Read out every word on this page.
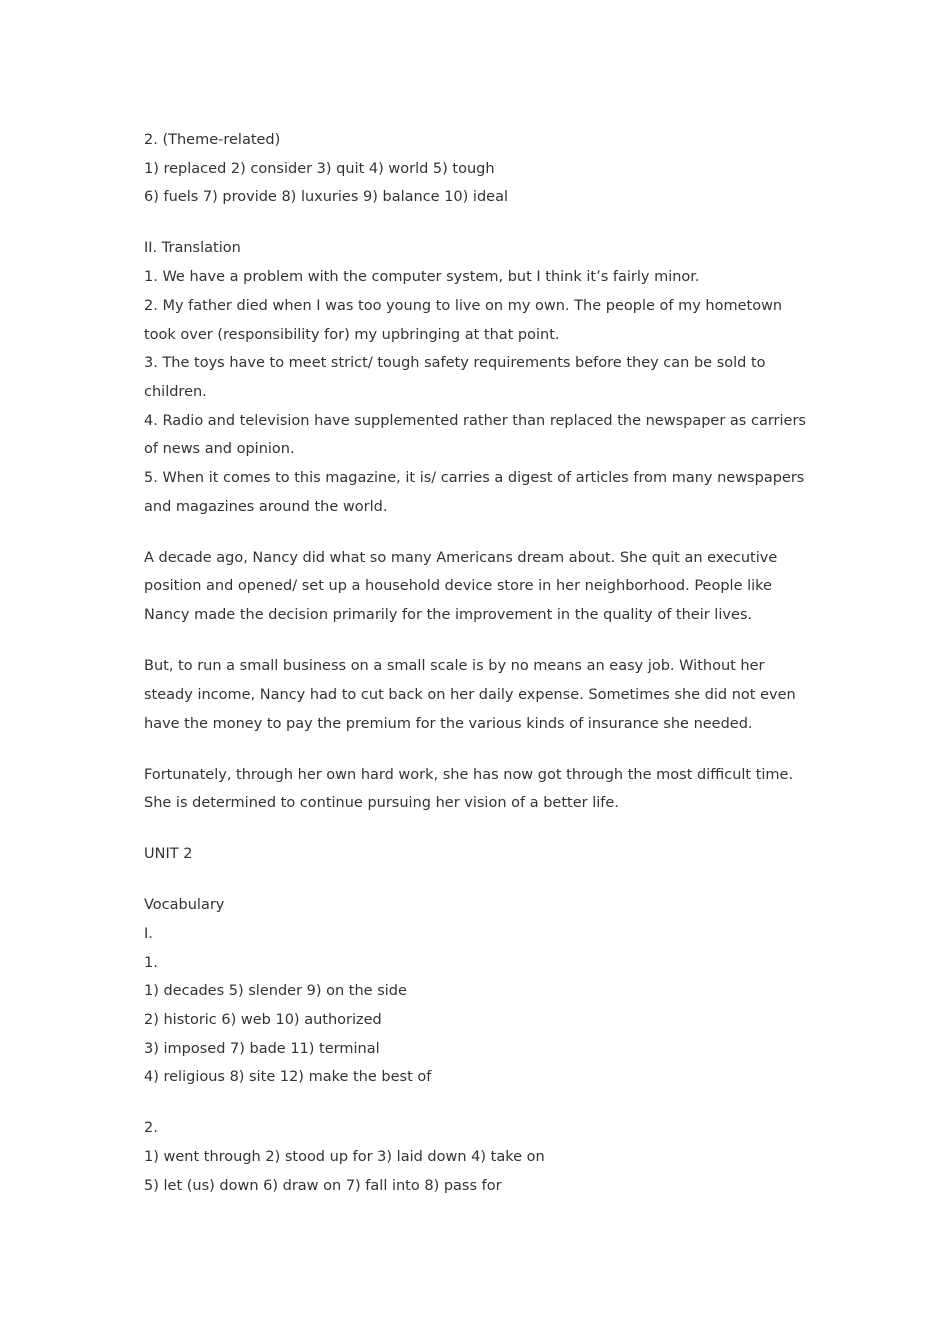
2. (Theme-related)
1) replaced 2) consider 3) quit 4) world 5) tough
6) fuels 7) provide 8) luxuries 9) balance 10) ideal
II. Translation
1. We have a problem with the computer system, but I think it’s fairly minor.
2. My father died when I was too young to live on my own. The people of my hometown
took over (responsibility for) my upbringing at that point.
3. The toys have to meet strict/ tough safety requirements before they can be sold to
children.
4. Radio and television have supplemented rather than replaced the newspaper as carriers
of news and opinion.
5. When it comes to this magazine, it is/ carries a digest of articles from many newspapers
and magazines around the world.
A decade ago, Nancy did what so many Americans dream about. She quit an executive
position and opened/ set up a household device store in her neighborhood. People like
Nancy made the decision primarily for the improvement in the quality of their lives.
But, to run a small business on a small scale is by no means an easy job. Without her
steady income, Nancy had to cut back on her daily expense. Sometimes she did not even
have the money to pay the premium for the various kinds of insurance she needed.
Fortunately, through her own hard work, she has now got through the most difficult time.
She is determined to continue pursuing her vision of a better life.
UNIT 2
Vocabulary
I.
1.
1) decades 5) slender 9) on the side
2) historic 6) web 10) authorized
3) imposed 7) bade 11) terminal
4) religious 8) site 12) make the best of
2.
1) went through 2) stood up for 3) laid down 4) take on
5) let (us) down 6) draw on 7) fall into 8) pass for
